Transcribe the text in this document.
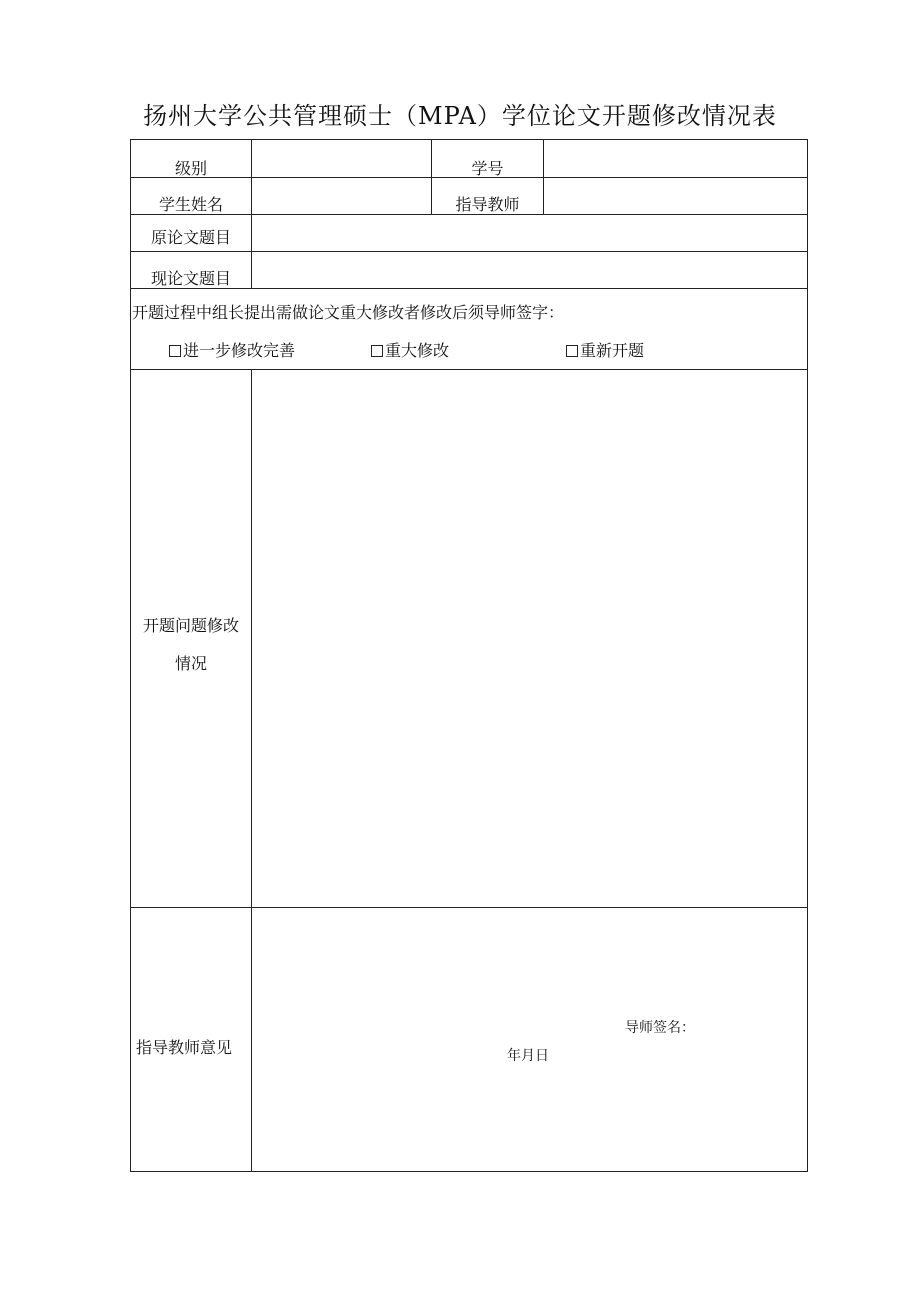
扬州大学公共管理硕士（MPA）学位论文开题修改情况表
级别	学号
学生姓名	指导教师
原论文题目
现论文题目
开题过程中组长提出需做论文重大修改者修改后须导师签字：
进一步修改完善	重大修改	重新开题
开题问题修改
情况
指导教师意见
导师签名：
年月日
